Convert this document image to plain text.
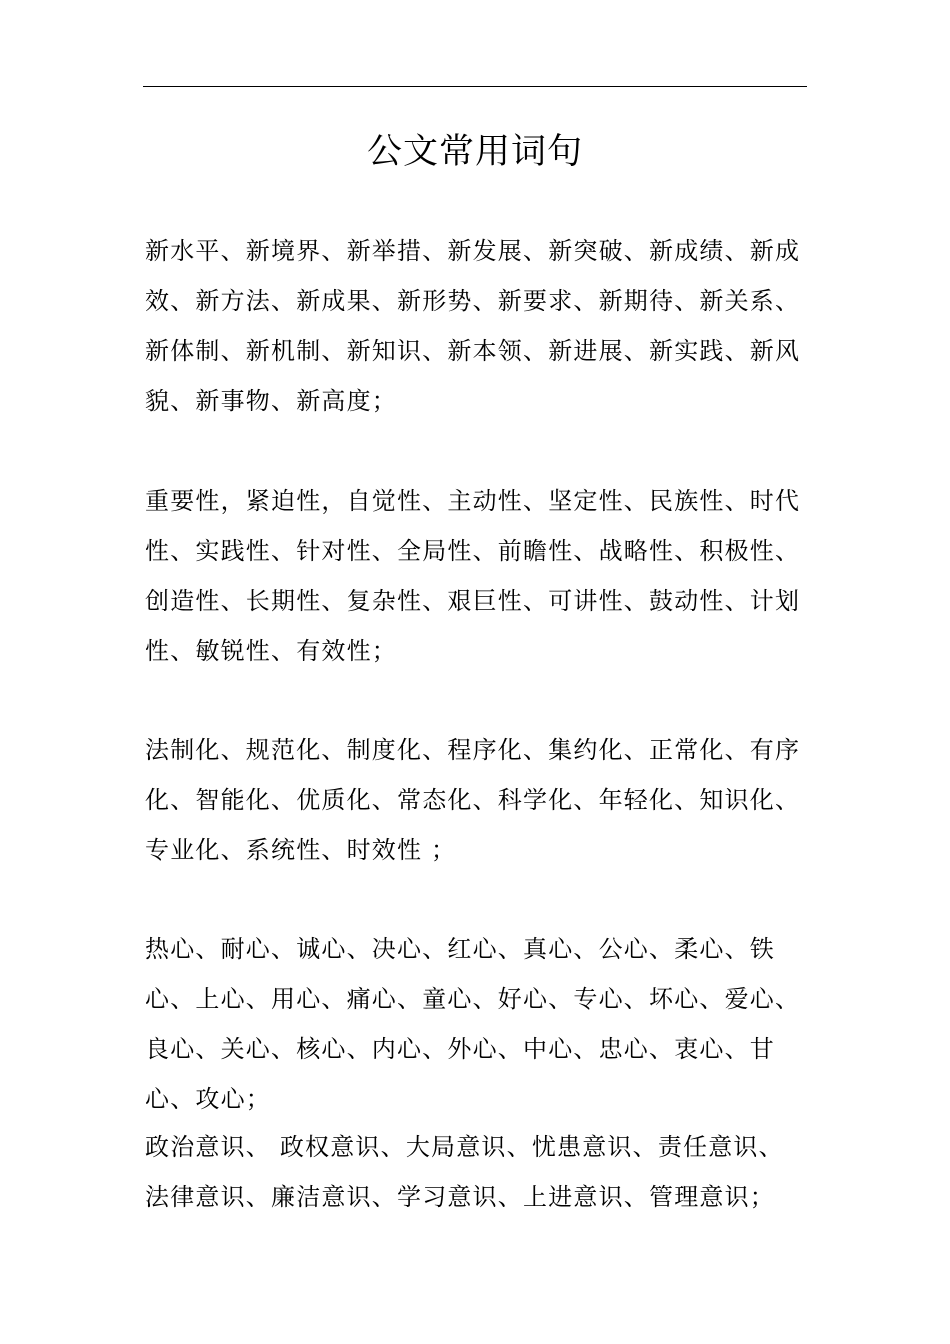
公文常用词句

新水平、新境界、新举措、新发展、新突破、新成绩、新成效、新方法、新成果、新形势、新要求、新期待、新关系、新体制、新机制、新知识、新本领、新进展、新实践、新风貌、新事物、新高度；

重要性，紧迫性，自觉性、主动性、坚定性、民族性、时代性、实践性、针对性、全局性、前瞻性、战略性、积极性、创造性、长期性、复杂性、艰巨性、可讲性、鼓动性、计划性、敏锐性、有效性；

法制化、规范化、制度化、程序化、集约化、正常化、有序化、智能化、优质化、常态化、科学化、年轻化、知识化、专业化、系统性、时效性 ；

热心、耐心、诚心、决心、红心、真心、公心、柔心、铁心、上心、用心、痛心、童心、好心、专心、坏心、爱心、良心、关心、核心、内心、外心、中心、忠心、衷心、甘心、攻心；

政治意识、 政权意识、大局意识、忧患意识、责任意识、法律意识、廉洁意识、学习意识、上进意识、管理意识；
